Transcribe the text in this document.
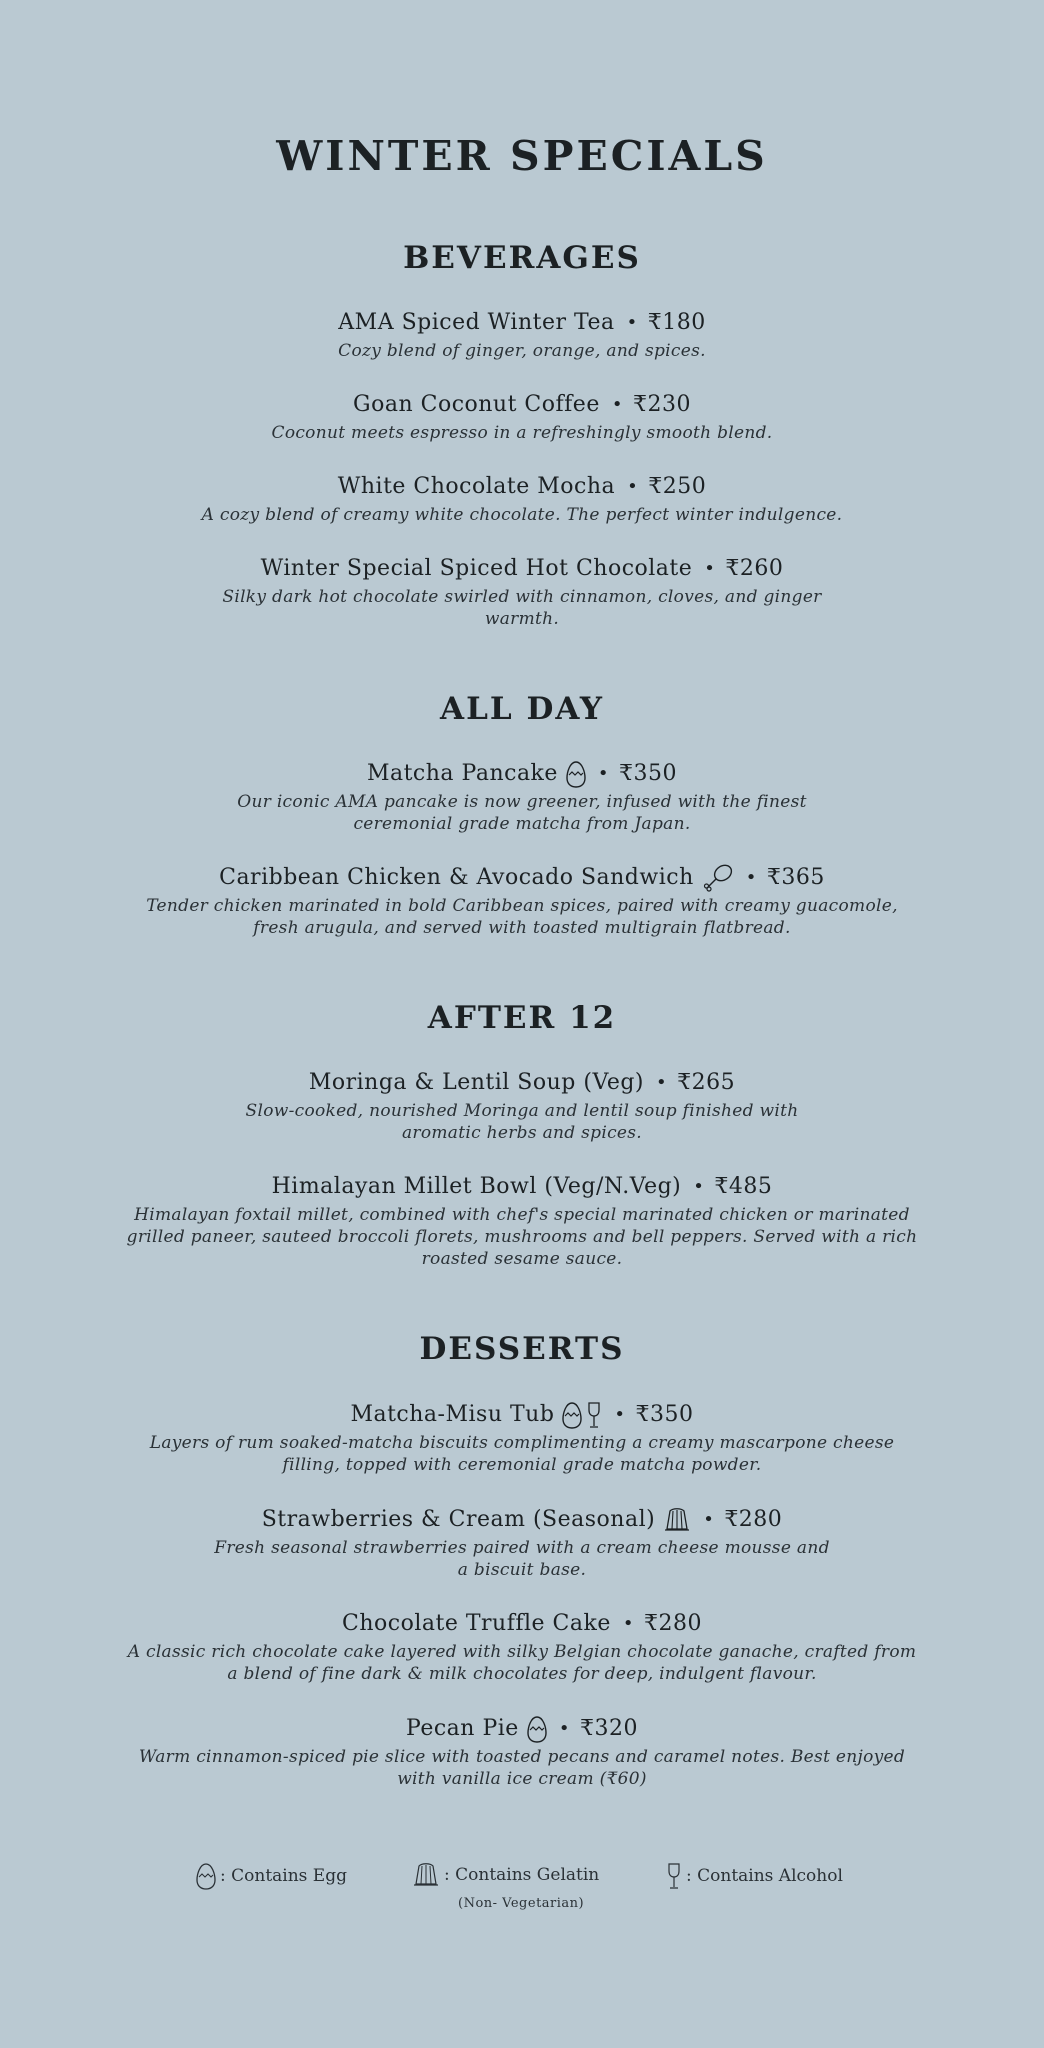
WINTER SPECIALS
BEVERAGES
AMA Spiced Winter Tea • ₹180
Cozy blend of ginger, orange, and spices.
Goan Coconut Coffee • ₹230
Coconut meets espresso in a refreshingly smooth blend.
White Chocolate Mocha • ₹250
A cozy blend of creamy white chocolate. The perfect winter indulgence.
Winter Special Spiced Hot Chocolate • ₹260
Silky dark hot chocolate swirled with cinnamon, cloves, and ginger warmth.
ALL DAY
Matcha Pancake • ₹350
Our iconic AMA pancake is now greener, infused with the finest ceremonial grade matcha from Japan.
Caribbean Chicken & Avocado Sandwich	• ₹365
Tender chicken marinated in bold Caribbean spices, paired with creamy guacomole, fresh arugula, and served with toasted multigrain flatbread.
AFTER 12
Moringa & Lentil Soup (Veg) • ₹265
Slow-cooked, nourished Moringa and lentil soup finished with aromatic herbs and spices.
Himalayan Millet Bowl (Veg/N.Veg) • ₹485
Himalayan foxtail millet, combined with chef's special marinated chicken or marinated grilled paneer, sauteed broccoli florets, mushrooms and bell peppers. Served with a rich roasted sesame sauce.
DESSERTS
Matcha-Misu Tub	• ₹350
Layers of rum soaked-matcha biscuits complimenting a creamy mascarpone cheese filling, topped with ceremonial grade matcha powder.
Strawberries & Cream (Seasonal)	• ₹280
Fresh seasonal strawberries paired with a cream cheese mousse and a biscuit base.
Chocolate Truffle Cake • ₹280
A classic rich chocolate cake layered with silky Belgian chocolate ganache, crafted from a blend of fine dark & milk chocolates for deep, indulgent flavour.
Pecan Pie • ₹320
Warm cinnamon-spiced pie slice with toasted pecans and caramel notes. Best enjoyed with vanilla ice cream (₹60)
: Contains Egg	: Contains Gelatin
(Non- Vegetarian)
: Contains Alcohol
